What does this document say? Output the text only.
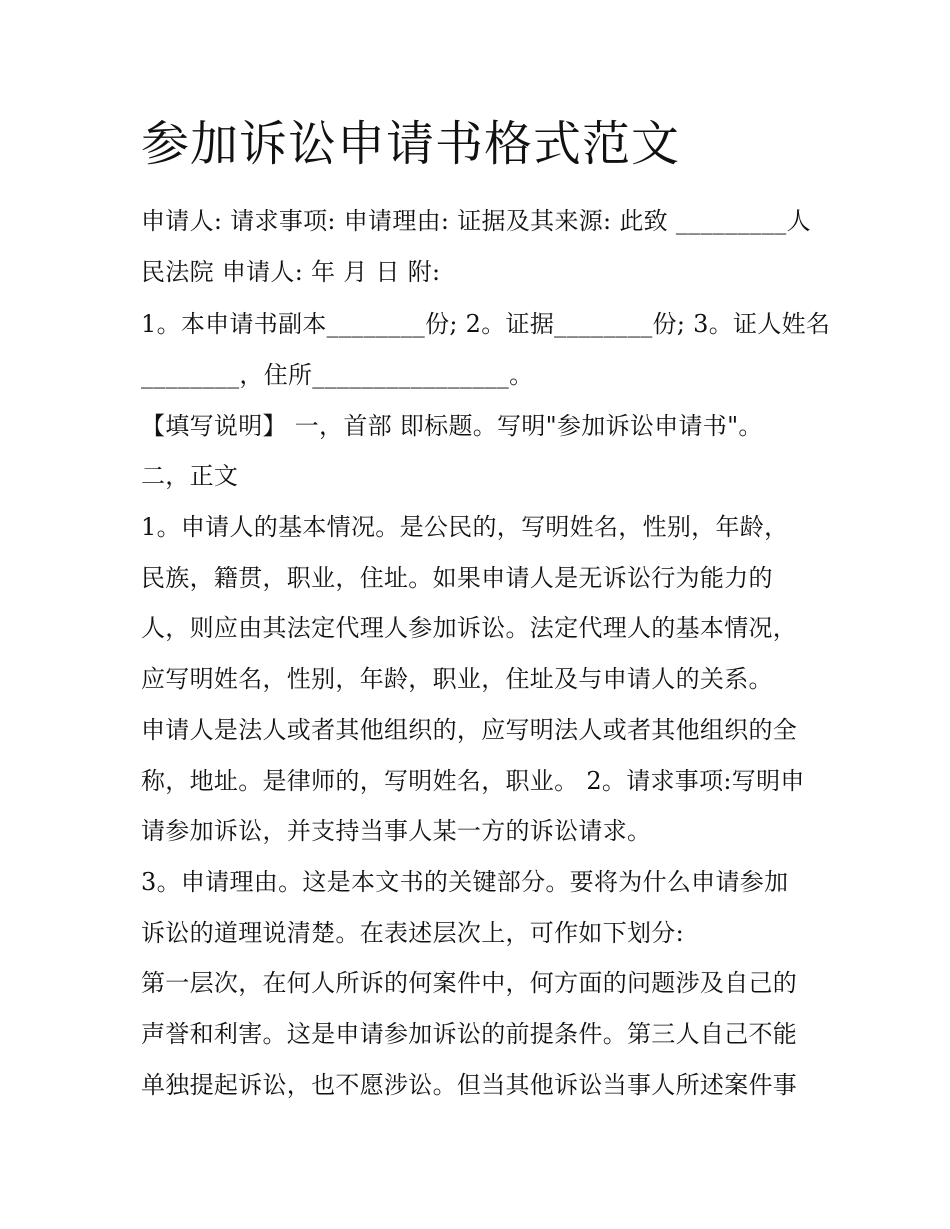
参加诉讼申请书格式范文

申请人: 请求事项: 申请理由: 证据及其来源: 此致 _________人

民法院 申请人: 年 月 日 附:

1。本申请书副本________份; 2。证据________份; 3。证人姓名

________，住所________________。

【填写说明】 一，首部 即标题。写明"参加诉讼申请书"。

二，正文

1。申请人的基本情况。是公民的，写明姓名，性别，年龄，

民族，籍贯，职业，住址。如果申请人是无诉讼行为能力的

人，则应由其法定代理人参加诉讼。法定代理人的基本情况，

应写明姓名，性别，年龄，职业，住址及与申请人的关系。

申请人是法人或者其他组织的，应写明法人或者其他组织的全

称，地址。是律师的，写明姓名，职业。 2。请求事项:写明申

请参加诉讼，并支持当事人某一方的诉讼请求。

3。申请理由。这是本文书的关键部分。要将为什么申请参加

诉讼的道理说清楚。在表述层次上，可作如下划分:

第一层次，在何人所诉的何案件中，何方面的问题涉及自己的

声誉和利害。这是申请参加诉讼的前提条件。第三人自己不能

单独提起诉讼，也不愿涉讼。但当其他诉讼当事人所述案件事
